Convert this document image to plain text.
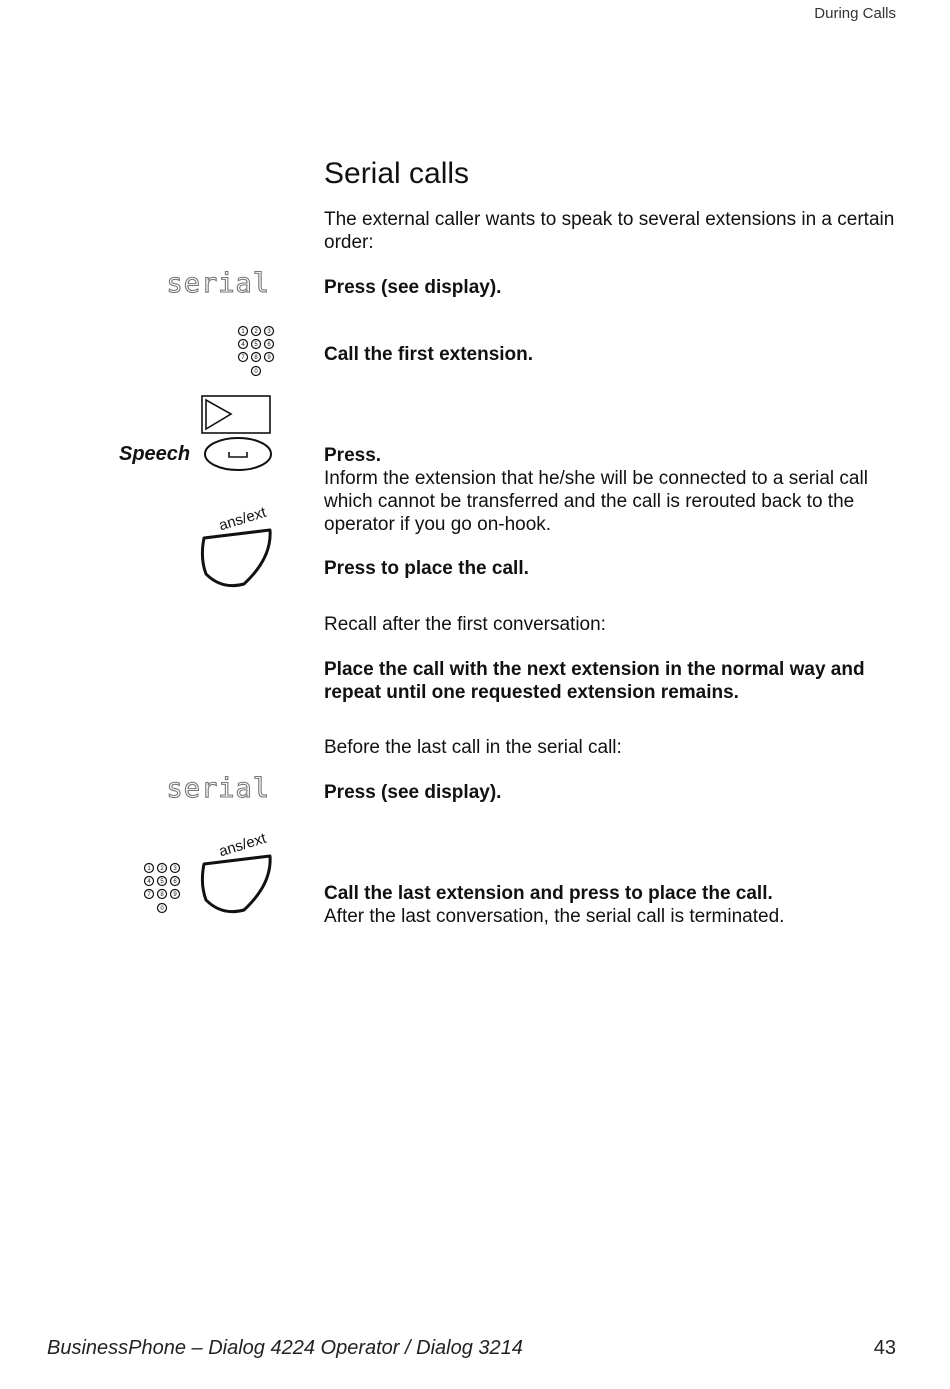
During Calls
Serial calls
The external caller wants to speak to several extensions in a certain order:
serial	Press (see display).
1 2 3
4 5 6
7 8 9
0
Call the first extension.
Speech	Press.
Inform the extension that he/she will be connected to a serial call which cannot be transferred and the call is rerouted back to the operator if you go on-hook.
ans/ext
Press to place the call.
Recall after the first conversation:
Place the call with the next extension in the normal way and repeat until one requested extension remains.
Before the last call in the serial call:
serial	Press (see display).
1 2 3
4 5 6
7 8 9
0
ans/ext
Call the last extension and press to place the call.
After the last conversation, the serial call is terminated.
BusinessPhone – Dialog 4224 Operator / Dialog 3214	43
